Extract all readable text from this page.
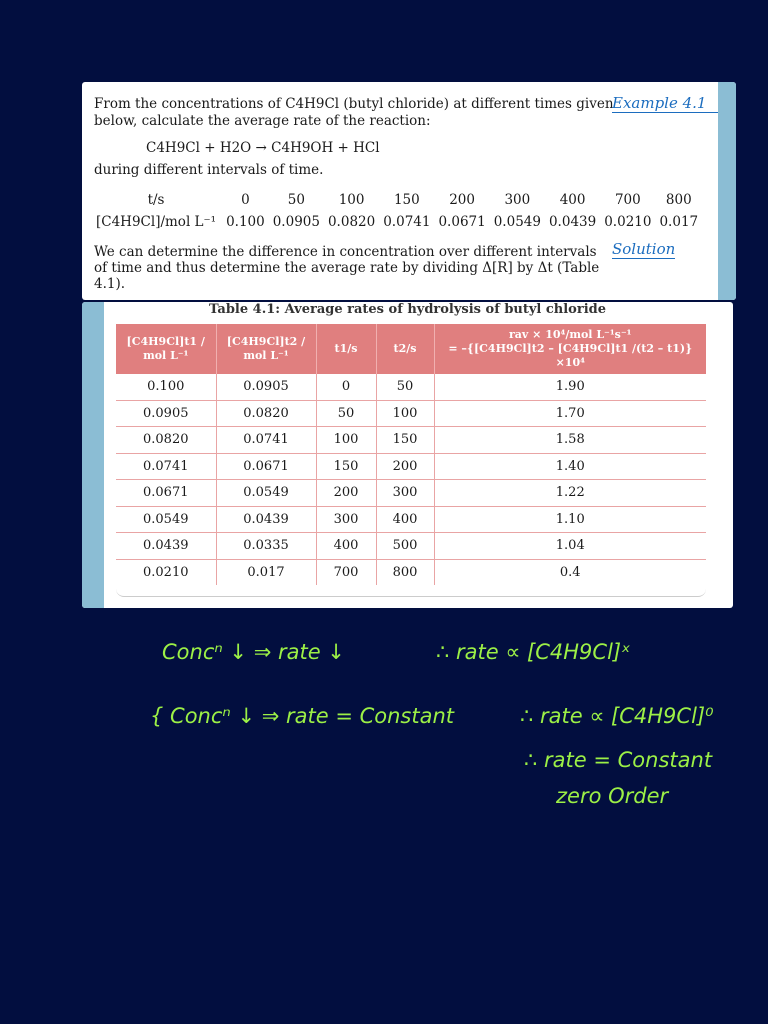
From the concentrations of C4H9Cl (butyl chloride) at different times given below, calculate the average rate of the reaction:
Example 4.1
C4H9Cl + H2O → C4H9OH + HCl
during different intervals of time.
t/s	0	50	100	150	200	300	400	700	800
[C4H9Cl]/mol L⁻¹	0.100	0.0905	0.0820	0.0741	0.0671	0.0549	0.0439	0.0210	0.017
We can determine the difference in concentration over different intervals of time and thus determine the average rate by dividing Δ[R] by Δt (Table 4.1).
Solution
Table 4.1: Average rates of hydrolysis of butyl chloride
[C4H9Cl]t1 / mol L⁻¹	[C4H9Cl]t2 / mol L⁻¹	t1/s	t2/s	rav × 10⁴/mol L⁻¹s⁻¹
= –{[C4H9Cl]t2 – [C4H9Cl]t1 /(t2 – t1)}×10⁴

0.100	0.0905	0	50	1.90
0.0905	0.0820	50	100	1.70
0.0820	0.0741	100	150	1.58
0.0741	0.0671	150	200	1.40
0.0671	0.0549	200	300	1.22
0.0549	0.0439	300	400	1.10
0.0439	0.0335	400	500	1.04
0.0210	0.017	700	800	0.4
Concⁿ ↓ ⇒ rate ↓	∴ rate ∝ [C4H9Cl]ˣ
{ Concⁿ ↓ ⇒ rate = Constant	∴ rate ∝ [C4H9Cl]⁰
∴ rate = Constant
zero Order
